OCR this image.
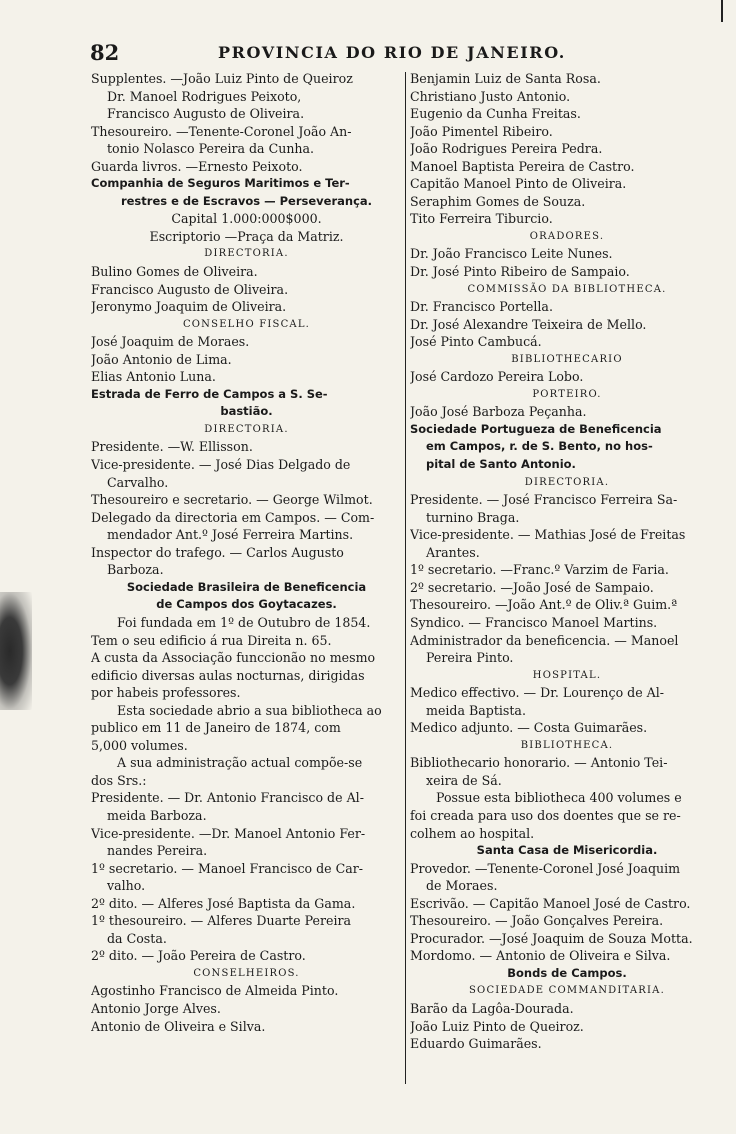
82	PROVINCIA DO RIO DE JANEIRO.
Supplentes. —João Luiz Pinto de Queiroz
Dr. Manoel Rodrigues Peixoto,
Francisco Augusto de Oliveira.
Thesoureiro. —Tenente-Coronel João An-
tonio Nolasco Pereira da Cunha.
Guarda livros. —Ernesto Peixoto.
Companhia de Seguros Maritimos e Ter-
restres e de Escravos — Perseverança.
Capital 1.000:000$000.
Escriptorio —Praça da Matriz.
DIRECTORIA.
Bulino Gomes de Oliveira.
Francisco Augusto de Oliveira.
Jeronymo Joaquim de Oliveira.
CONSELHO FISCAL.
José Joaquim de Moraes.
João Antonio de Lima.
Elias Antonio Luna.
Estrada de Ferro de Campos a S. Se-
bastião.
DIRECTORIA.
Presidente. —W. Ellisson.
Vice-presidente. — José Dias Delgado de
Carvalho.
Thesoureiro e secretario. — George Wilmot.
Delegado da directoria em Campos. — Com-
mendador Ant.º José Ferreira Martins.
Inspector do trafego. — Carlos Augusto
Barboza.
Sociedade Brasileira de Beneficencia
de Campos dos Goytacazes.
Foi fundada em 1º de Outubro de 1854.
Tem o seu edificio á rua Direita n. 65.
A custa da Associação funccionão no mesmo
edificio diversas aulas nocturnas, dirigidas
por habeis professores.
Esta sociedade abrio a sua bibliotheca ao
publico em 11 de Janeiro de 1874, com
5,000 volumes.
A sua administração actual compõe-se
dos Srs.:
Presidente. — Dr. Antonio Francisco de Al-
meida Barboza.
Vice-presidente. —Dr. Manoel Antonio Fer-
nandes Pereira.
1º secretario. — Manoel Francisco de Car-
valho.
2º dito. — Alferes José Baptista da Gama.
1º thesoureiro. — Alferes Duarte Pereira
da Costa.
2º dito. — João Pereira de Castro.
CONSELHEIROS.
Agostinho Francisco de Almeida Pinto.
Antonio Jorge Alves.
Antonio de Oliveira e Silva.
Benjamin Luiz de Santa Rosa.
Christiano Justo Antonio.
Eugenio da Cunha Freitas.
João Pimentel Ribeiro.
João Rodrigues Pereira Pedra.
Manoel Baptista Pereira de Castro.
Capitão Manoel Pinto de Oliveira.
Seraphim Gomes de Souza.
Tito Ferreira Tiburcio.
ORADORES.
Dr. João Francisco Leite Nunes.
Dr. José Pinto Ribeiro de Sampaio.
COMMISSÃO DA BIBLIOTHECA.
Dr. Francisco Portella.
Dr. José Alexandre Teixeira de Mello.
José Pinto Cambucá.
BIBLIOTHECARIO
José Cardozo Pereira Lobo.
PORTEIRO.
João José Barboza Peçanha.
Sociedade Portugueza de Beneficencia
em Campos, r. de S. Bento, no hos-
pital de Santo Antonio.
DIRECTORIA.
Presidente. — José Francisco Ferreira Sa-
turnino Braga.
Vice-presidente. — Mathias José de Freitas
Arantes.
1º secretario. —Franc.º Varzim de Faria.
2º secretario. —João José de Sampaio.
Thesoureiro. —João Ant.º de Oliv.ª Guim.ª
Syndico. — Francisco Manoel Martins.
Administrador da beneficencia. — Manoel
Pereira Pinto.
HOSPITAL.
Medico effectivo. — Dr. Lourenço de Al-
meida Baptista.
Medico adjunto. — Costa Guimarães.
BIBLIOTHECA.
Bibliothecario honorario. — Antonio Tei-
xeira de Sá.
Possue esta bibliotheca 400 volumes e
foi creada para uso dos doentes que se re-
colhem ao hospital.
Santa Casa de Misericordia.
Provedor. —Tenente-Coronel José Joaquim
de Moraes.
Escrivão. — Capitão Manoel José de Castro.
Thesoureiro. — João Gonçalves Pereira.
Procurador. —José Joaquim de Souza Motta.
Mordomo. — Antonio de Oliveira e Silva.
Bonds de Campos.
SOCIEDADE COMMANDITARIA.
Barão da Lagôa-Dourada.
João Luiz Pinto de Queiroz.
Eduardo Guimarães.
